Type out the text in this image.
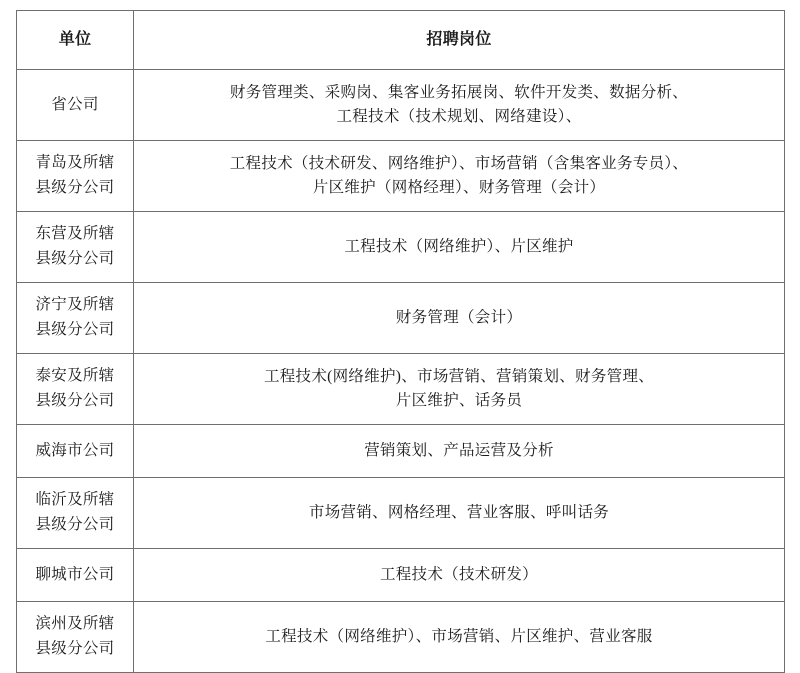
单位	招聘岗位

省公司	财务管理类、采购岗、集客业务拓展岗、软件开发类、数据分析、
工程技术（技术规划、网络建设）、

青岛及所辖
县级分公司	工程技术（技术研发、网络维护）、市场营销（含集客业务专员）、
片区维护（网格经理）、财务管理（会计）

东营及所辖
县级分公司	工程技术（网络维护）、片区维护

济宁及所辖
县级分公司	财务管理（会计）

泰安及所辖
县级分公司	工程技术(网络维护)、市场营销、营销策划、财务管理、
片区维护、话务员

威海市公司	营销策划、产品运营及分析

临沂及所辖
县级分公司	市场营销、网格经理、营业客服、呼叫话务

聊城市公司	工程技术（技术研发）

滨州及所辖
县级分公司	工程技术（网络维护）、市场营销、片区维护、营业客服
